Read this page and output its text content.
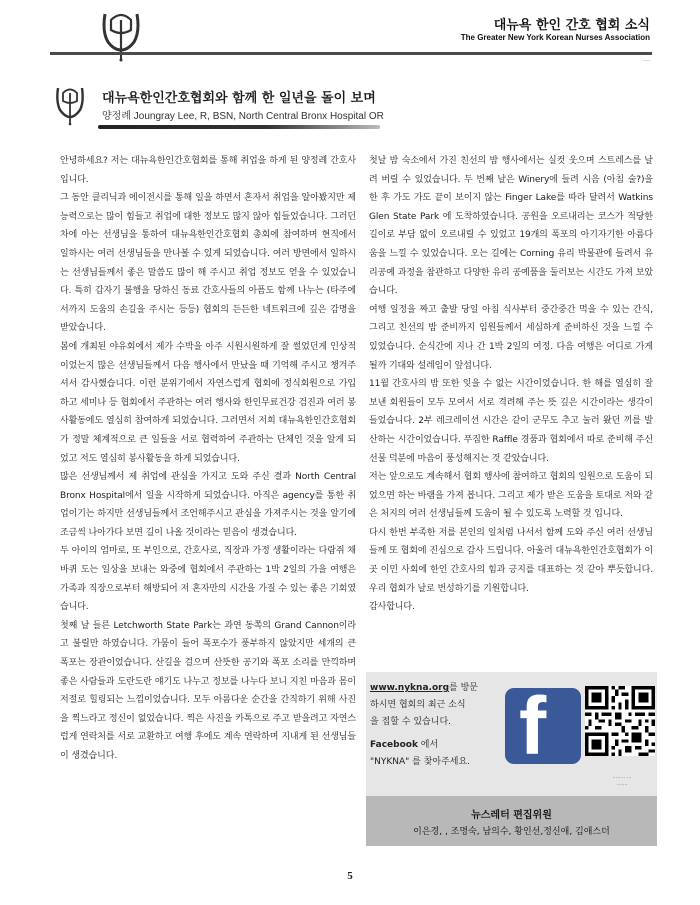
대뉴욕 한인 간호 협회 소식
The Greater New York Korean Nurses Association
——
대뉴욕한인간호협회와 함께 한 일년을 돌이 보며
양정례 Joungray Lee, R, BSN, North Central Bronx Hospital OR

안녕하세요? 저는 대뉴욕한인간호협회를 통해 취업을 하게 된 양정례 간호사입니다.

그 동안 클리닉과 에이전시를 통해 일을 하면서 혼자서 취업을 알아봤지만 제 능력으로는 많이 힘들고 취업에 대한 정보도 많지 않아 힘들었습니다. 그러던 차에 아는 선생님을 통하여 대뉴욕한인간호협회 총회에 참여하며 현직에서 일하시는 여러 선생님들을 만나볼 수 있게 되었습니다. 여러 방면에서 일하시는 선생님들께서 좋은 말씀도 많이 해 주시고 취업 정보도 얻을 수 있었습니다. 특히 갑자기 불행을 당하신 동료 간호사들의 아픔도 함께 나누는 (타주에서까지 도움의 손길을 주시는 등등) 협회의 든든한 네트워크에 깊은 감명을 받았습니다.

봄에 개최된 야유회에서 제가 수박을 아주 시원시원하게 잘 썰었던게 인상적이었는지 많은 선생님들께서 다음 행사에서 만났을 때 기억해 주시고 챙겨주셔서 감사했습니다. 이런 분위기에서 자연스럽게 협회에 정식회원으로 가입하고 세미나 등 협회에서 주관하는 여러 행사와 한인무료건강 검진과 여러 봉사활동에도 열심히 참여하게 되었습니다. 그러면서 저희 대뉴욕한인간호협회가 정말 체계적으로 큰 일들을 서로 협력하여 주관하는 단체인 것을 알게 되었고 저도 열심히 봉사활동을 하게 되었습니다.

많은 선생님께서 제 취업에 관심을 가지고 도와 주신 결과 North Central Bronx Hospital에서 일을 시작하게 되었습니다. 아직은 agency를 통한 취업이기는 하지만 선생님들께서 조언해주시고 관심을 가져주시는 것을 알기에 조금씩 나아가다 보면 길이 나올 것이라는 믿음이 생겼습니다.

두 아이의 엄마로, 또 부인으로, 간호사로, 직장과 가정 생활이라는 다람쥐 채바퀴 도는 일상을 보내는 와중에 협회에서 주관하는 1박 2일의 가을 여행은 가족과 직장으로부터 해방되어 저 혼자만의 시간을 가질 수 있는 좋은 기회였습니다.

첫째 날 들른 Letchworth State Park는 과연 동쪽의 Grand Cannon이라고 불릴만 하였습니다. 가뭄이 들어 폭포수가 풍부하지 않았지만 세개의 큰 폭포는 장관이었습니다. 산길을 걸으며 산뜻한 공기와 폭포 소리를 만끽하며 좋은 사람들과 도란도란 얘기도 나누고 정보를 나누다 보니 지친 마음과 몸이 저절로 힐링되는 느낌이었습니다. 모두 아름다운 순간을 간직하기 위해 사진을 찍느라고 정신이 없었습니다. 찍은 사진을 카톡으로 주고 받을려고 자연스럽게 연락처를 서로 교환하고 여행 후에도 계속 연락하며 지내게 된 선생님들이 생겼습니다.

첫날 밤 숙소에서 가진 친선의 밤 행사에서는 실컷 웃으며 스트레스를 날려 버릴 수 있었습니다. 두 번째 날은 Winery에 들려 시음 (아침 술?)을 한 후 가도 가도 끝이 보이지 않는 Finger Lake를 따라 달려서 Watkins Glen State Park 에 도착하였습니다. 공원을 오르내리는 코스가 적당한 길이로 부담 없이 오르내릴 수 있었고 19개의 폭포의 아기자기한 아름다움을 느낄 수 있었습니다. 오는 길에는 Corning 유리 박물관에 들려서 유리공예 과정을 참관하고 다양한 유리 공예품을 둘러보는 시간도 가져 보았습니다.

여행 일정을 짜고 출발 당일 아침 식사부터 중간중간 먹을 수 있는 간식, 그리고 친선의 밤 준비까지 임원들께서 세심하게 준비하신 것을 느낄 수 있었습니다. 순식간에 지나 간 1박 2일의 여정. 다음 여행은 어디로 가게 될까 기대와 설레임이 앞섭니다.

11월 간호사의 밤 또한 잊을 수 없는 시간이었습니다. 한 해를 열심히 잘 보낸 회원들이 모두 모여서 서로 격려해 주는 뜻 깊은 시간이라는 생각이 들었습니다. 2부 레크레이션 시간은 같이 군무도 추고 눌러 왔던 끼를 발산하는 시간이었습니다. 푸짐한 Raffle 경품과 협회에서 따로 준비해 주신 선물 덕분에 마음이 풍성해지는 것 같았습니다.

저는 앞으로도 계속해서 협회 행사에 참여하고 협회의 일원으로 도움이 되었으면 하는 바램을 가져 봅니다. 그리고 제가 받은 도움을 토대로 저와 같은 처지의 여러 선생님들께 도움이 될 수 있도록 노력할 것 입니다.

다시 한번 부족한 저를 본인의 일처럼 나서서 함께 도와 주신 여러 선생님들께 또 협회에 진심으로 감사 드립니다. 아울러 대뉴욕한인간호협회가 이 곳 이민 사회에 한인 간호사의 힘과 긍지를 대표하는 것 같아 뿌듯합니다. 우리 협회가 날로 번성하기를 기원합니다.

감사합니다.

www.nykna.org를 방문
하시면 협회의 최근 소식
을 접할 수 있습니다.
Facebook 에서
"NYKNA" 를 찾아주세요. f
········ ···
·······
뉴스레터 편집위원
이은경, , 조명숙, 남의수, 황인선,정신애, 김애스더
5
